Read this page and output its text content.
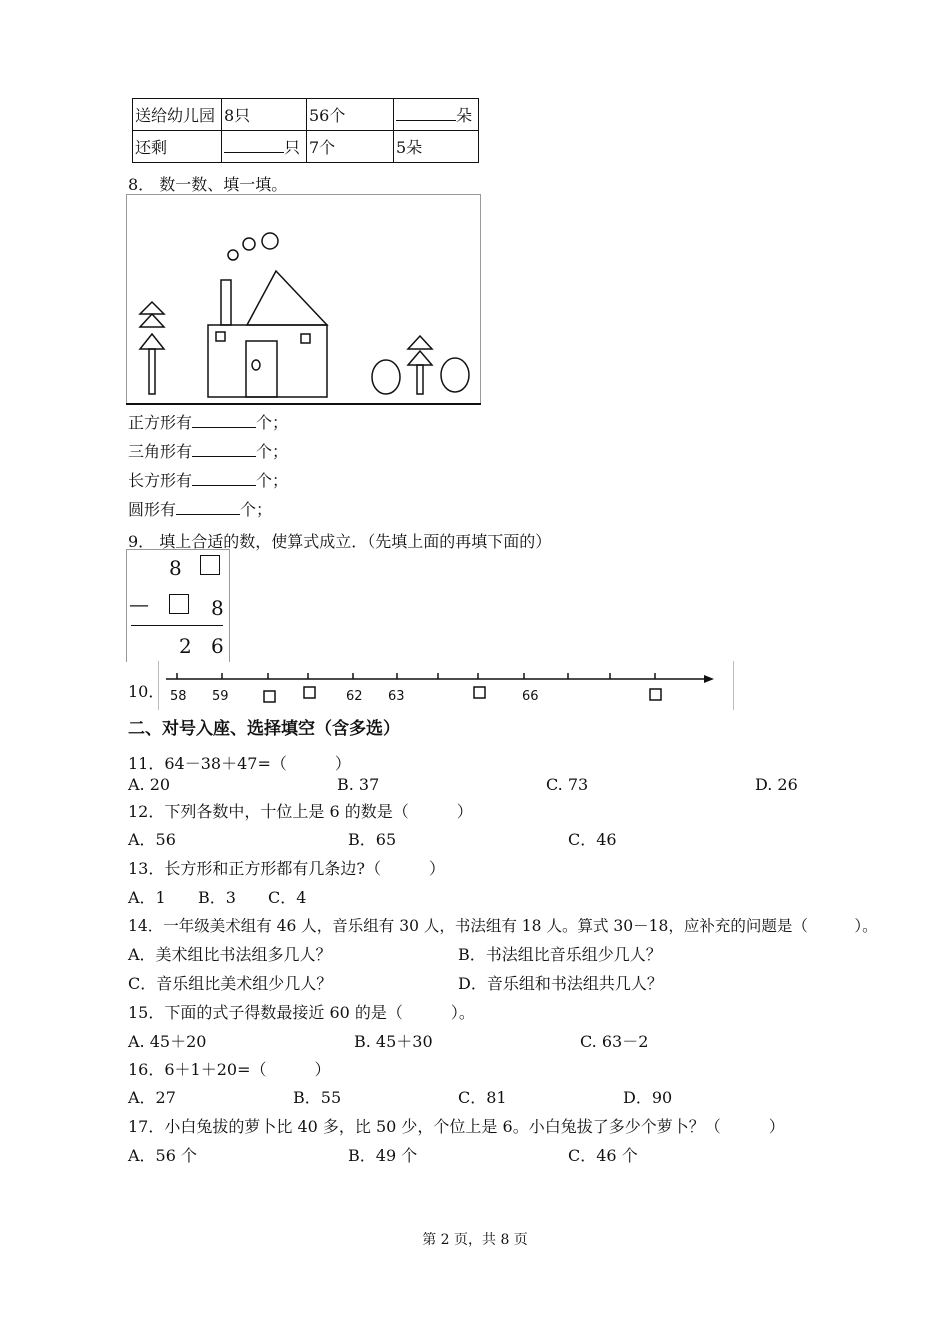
送给幼儿园	8只	56个	朵
还剩	只	7个	5朵
8． 数一数、填一填。
正方形有	个；
三角形有	个；
长方形有	个；
圆形有	个；
9． 填上合适的数，使算式成立．（先填上面的再填下面的）
8
—	8
2 6
10． 58 59	62 63	66
二、对号入座、选择填空（含多选）
11．64－38＋47=（　　　）
A. 20	B. 37	C. 73	D. 26
12．下列各数中，十位上是 6 的数是（　　　）
A．56	B．65	C．46
13．长方形和正方形都有几条边?（　　　）
A．1 B．3 C．4
14．一年级美术组有 46 人，音乐组有 30 人，书法组有 18 人。算式 30－18，应补充的问题是（　　　）。
A．美术组比书法组多几人？	B．书法组比音乐组少几人？
C．音乐组比美术组少几人？	D．音乐组和书法组共几人？
15．下面的式子得数最接近 60 的是（　　　）。
A. 45＋20	B. 45＋30	C. 63－2
16．6＋1＋20=（　　　）
A．27	B．55	C．81	D．90
17．小白兔拔的萝卜比 40 多，比 50 少，个位上是 6。小白兔拔了多少个萝卜？（　　　）
A．56 个	B．49 个	C．46 个
第 2 页，共 8 页
